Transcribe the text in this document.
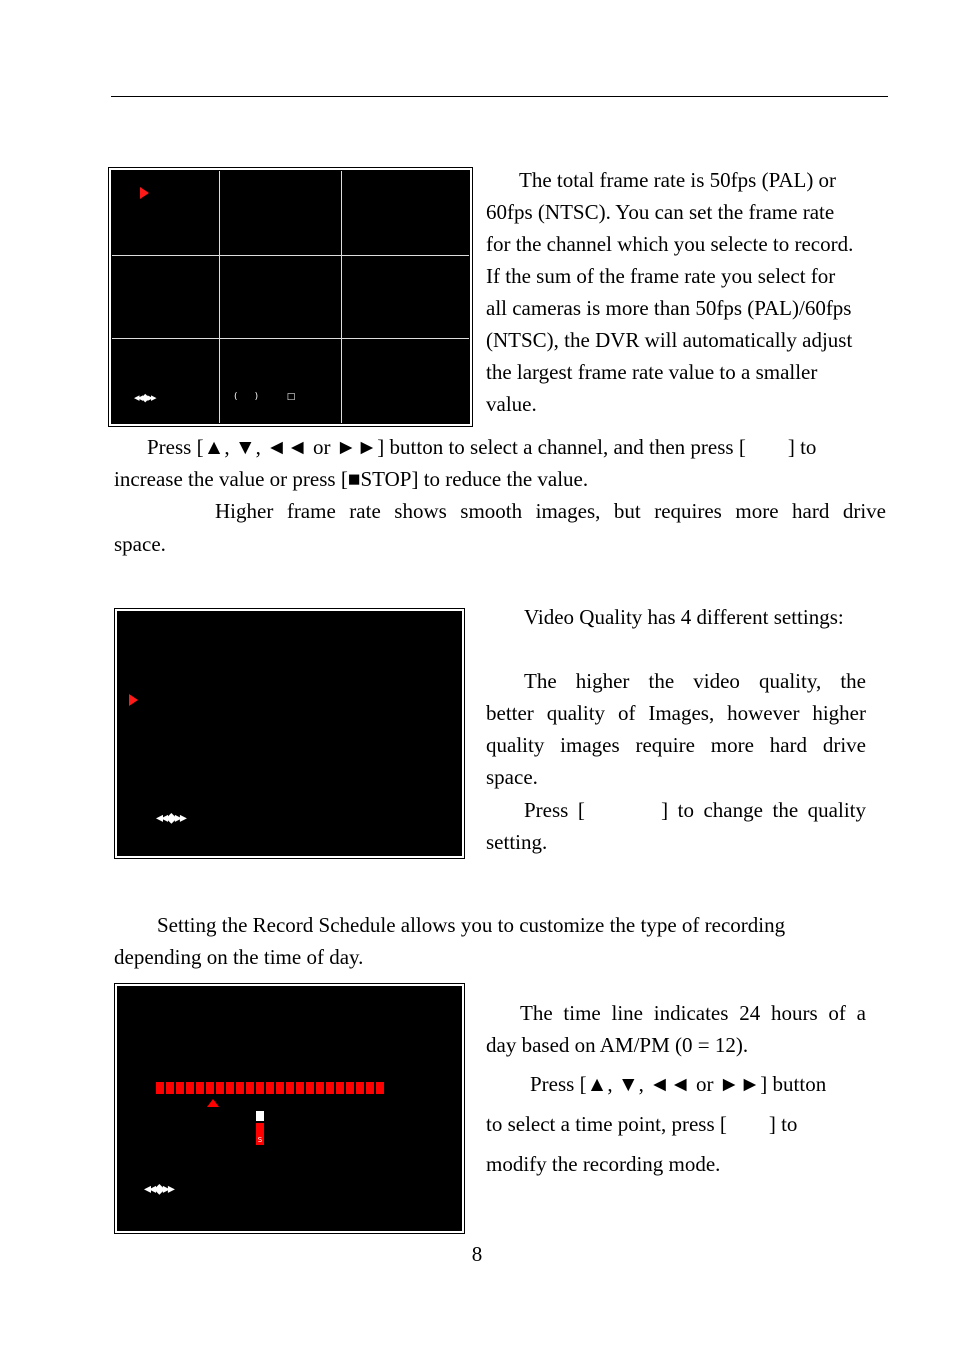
◂◂◆▸▸	(      )          □
The total frame rate is 50fps (PAL) or
60fps (NTSC). You can set the frame rate
for the channel which you selecte to record.
If the sum of the frame rate you select for
all cameras is more than 50fps (PAL)/60fps
(NTSC), the DVR will automatically adjust
the largest frame rate value to a smaller
value.
Press [▲, ▼, ◄◄ or ►►] button to select a channel, and then press [        ] to
increase the value or press [■STOP] to reduce the value.
Higher frame rate shows smooth images, but requires more hard drive
space.
◂◂◆▸▸
Video Quality has 4 different settings:
The higher the video quality, the
better quality of Images, however higher
quality images require more hard drive
space.
Press [        ] to change the quality
setting.
Setting the Record Schedule allows you to customize the type of recording
depending on the time of day.
S
◂◂◆▸▸
The time line indicates 24 hours of a
day based on AM/PM (0 = 12).
Press [▲, ▼, ◄◄ or ►►] button
to select a time point, press [        ] to
modify the recording mode.
8
